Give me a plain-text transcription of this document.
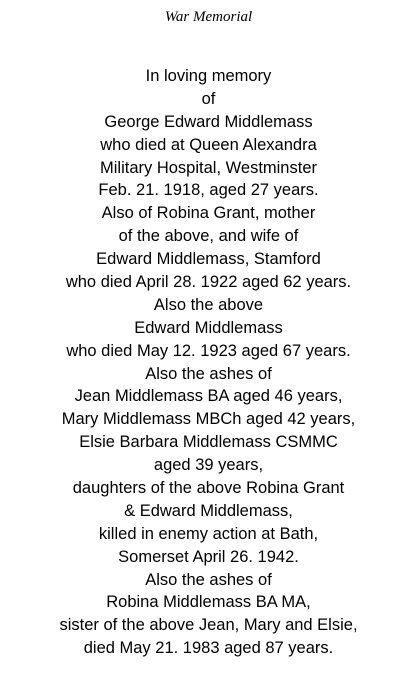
War Memorial
In loving memory
of
George Edward Middlemass
who died at Queen Alexandra
Military Hospital, Westminster
Feb. 21. 1918, aged 27 years.
Also of Robina Grant, mother
of the above, and wife of
Edward Middlemass, Stamford
who died April 28. 1922 aged 62 years.
Also the above
Edward Middlemass
who died May 12. 1923 aged 67 years.
Also the ashes of
Jean Middlemass BA aged 46 years,
Mary Middlemass MBCh aged 42 years,
Elsie Barbara Middlemass CSMMC
aged 39 years,
daughters of the above Robina Grant
& Edward Middlemass,
killed in enemy action at Bath,
Somerset April 26. 1942.
Also the ashes of
Robina Middlemass BA MA,
sister of the above Jean, Mary and Elsie,
died May 21. 1983 aged 87 years.
